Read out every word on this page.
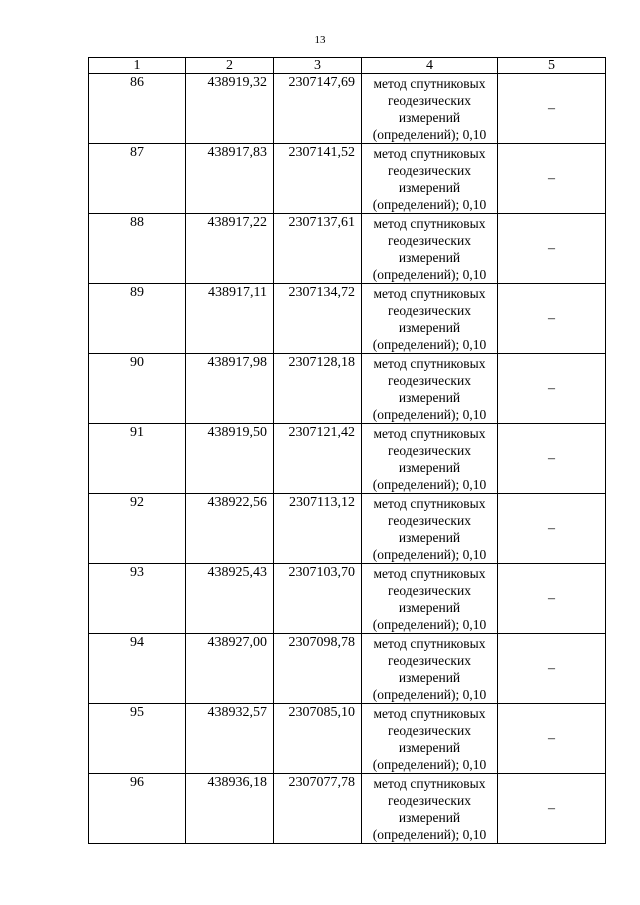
13
1	2	3	4	5
86	438919,32	2307147,69	метод спутниковых
геодезических
измерений
(определений); 0,10	–
87	438917,83	2307141,52	метод спутниковых
геодезических
измерений
(определений); 0,10	–
88	438917,22	2307137,61	метод спутниковых
геодезических
измерений
(определений); 0,10	–
89	438917,11	2307134,72	метод спутниковых
геодезических
измерений
(определений); 0,10	–
90	438917,98	2307128,18	метод спутниковых
геодезических
измерений
(определений); 0,10	–
91	438919,50	2307121,42	метод спутниковых
геодезических
измерений
(определений); 0,10	–
92	438922,56	2307113,12	метод спутниковых
геодезических
измерений
(определений); 0,10	–
93	438925,43	2307103,70	метод спутниковых
геодезических
измерений
(определений); 0,10	–
94	438927,00	2307098,78	метод спутниковых
геодезических
измерений
(определений); 0,10	–
95	438932,57	2307085,10	метод спутниковых
геодезических
измерений
(определений); 0,10	–
96	438936,18	2307077,78	метод спутниковых
геодезических
измерений
(определений); 0,10	–
